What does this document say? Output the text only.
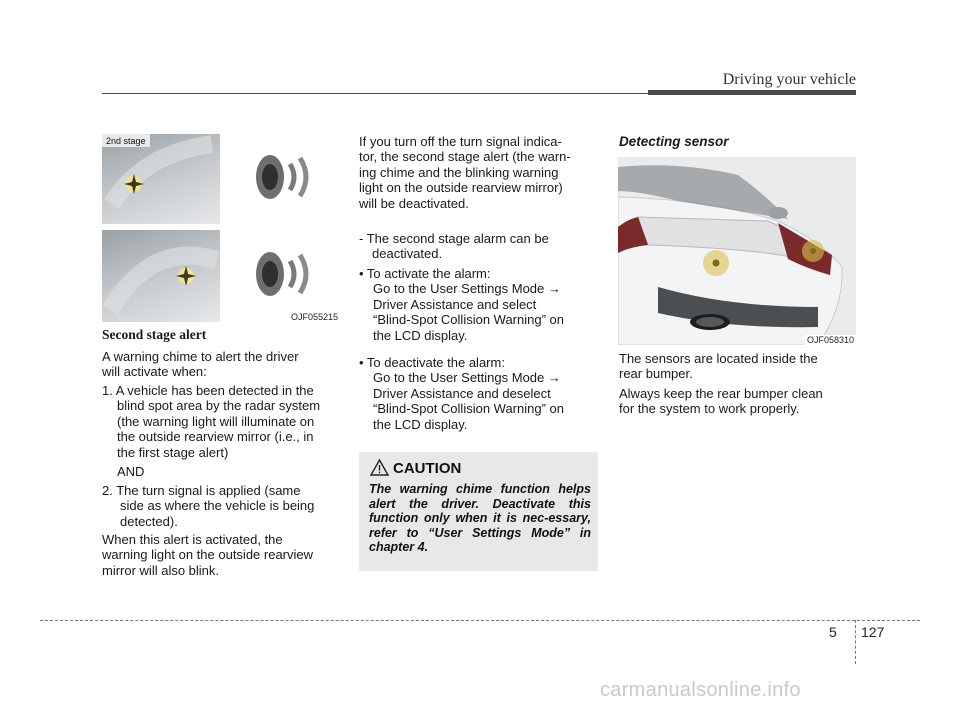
Driving your vehicle
2nd stage
OJF055215
Second stage alert
A warning chime to alert the driver
will activate when:
1. A vehicle has been detected in the
blind spot area by the radar system
(the warning light will illuminate on
the outside rearview mirror (i.e., in
the first stage alert)
AND
2. The turn signal is applied (same
side as where the vehicle is being
detected).
When this alert is activated, the
warning light on the outside rearview
mirror will also blink.
If you turn off the turn signal indica-
tor, the second stage alert (the warn-
ing chime and the blinking warning
light on the outside rearview mirror)
will be deactivated.
- The second stage alarm can be
deactivated.
• To activate the alarm:
Go to the User Settings Mode →
Driver Assistance and select
“Blind-Spot Collision Warning” on
the LCD display.
• To deactivate the alarm:
Go to the User Settings Mode →
Driver Assistance and deselect
“Blind-Spot Collision Warning” on
the LCD display.
CAUTION
The warning chime function helps alert the driver. Deactivate this function only when it is nec-essary, refer to “User Settings Mode” in chapter 4.
Detecting sensor
OJF058310
The sensors are located inside the
rear bumper.
Always keep the rear bumper clean
for the system to work properly.
5 127
carmanualsonline.info
